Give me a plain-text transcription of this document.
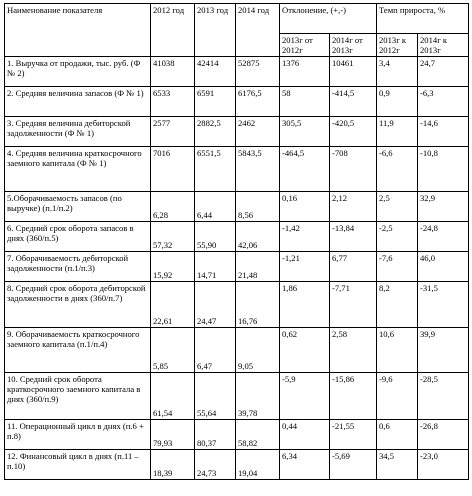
Наименование показателя	2012 год	2013 год	2014 год	Отклонение, (+,-)		Темп прироста, %	
				2013г от 2012г	2014г от 2013г	2013г к 2012г	2014г к 2013г
1. Выручка от продажи, тыс. руб. (Ф № 2)	41038	42414	52875	1376	10461	3,4	24,7
2. Средняя величина запасов (Ф № 1)	6533	6591	6176,5	58	-414,5	0,9	-6,3
3. Средняя величина дебиторской задолженности (Ф № 1)	2577	2882,5	2462	305,5	-420,5	11,9	-14,6
4. Средняя величина краткосрочного заемного капитала (Ф № 1)	7016	6551,5	5843,5	-464,5	-708	-6,6	-10,8
5.Оборачиваемость запасов (по выручке) (п.1/п.2)	6,28	6,44	8,56	0,16	2,12	2,5	32,9
6. Средний срок оборота запасов в днях (360/п.5)	57,32	55,90	42,06	-1,42	-13,84	-2,5	-24,8
7. Оборачиваемость дебиторской задолженности (п.1/п.3)	15,92	14,71	21,48	-1,21	6,77	-7,6	46,0
8. Средний срок оборота дебиторской задолженности в днях (360/п.7)	22,61	24,47	16,76	1,86	-7,71	8,2	-31,5
9. Оборачиваемость краткосрочного заемного капитала (п.1/п.4)	5,85	6,47	9,05	0,62	2,58	10,6	39,9
10. Средний срок оборота краткосрочного заемного капитала в днях (360/п.9)	61,54	55,64	39,78	-5,9	-15,86	-9,6	-28,5
11. Операционный цикл в днях (п.6 + п.8)	79,93	80,37	58,82	0,44	-21,55	0,6	-26,8
12. Финансовый цикл в днях (п.11 – п.10)	18,39	24,73	19,04	6,34	-5,69	34,5	-23,0
